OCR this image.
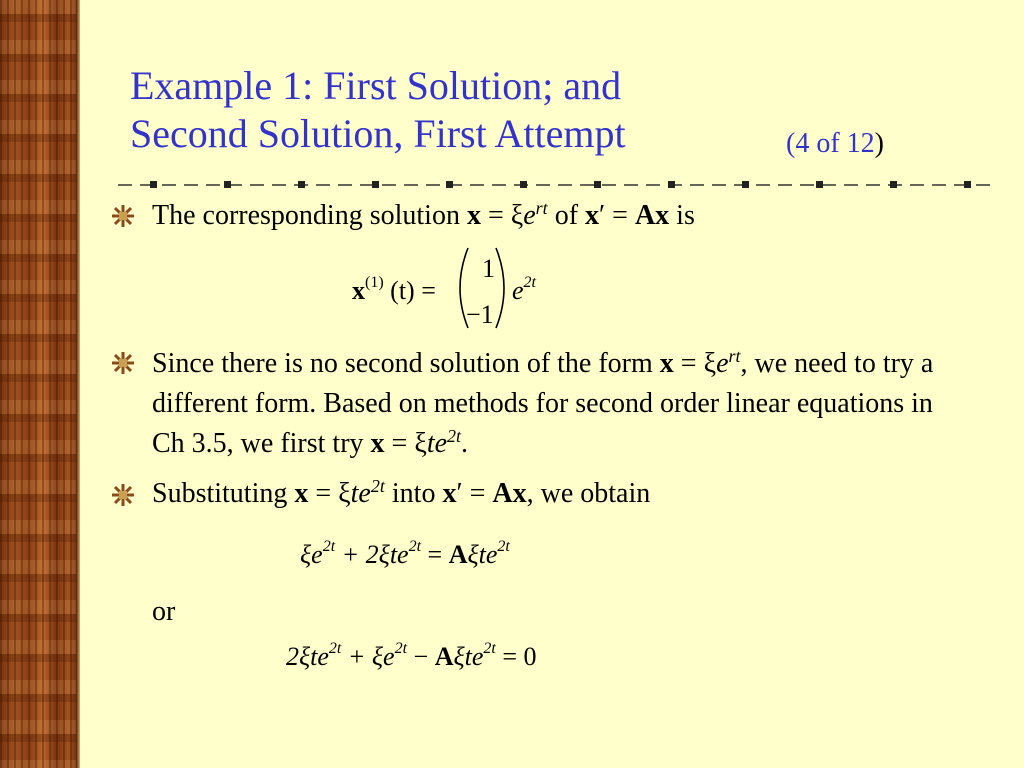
Example 1: First Solution; and
Second Solution, First Attempt	(4 of 12)
The corresponding solution $x = \xi e^{rt}$ of x′ = Ax is
$x^{(1)}$ (t) =
1
−1
$e^{2t}$
Since there is no second solution of the form $x = \xi e^{rt}$, we need to try a different form. Based on methods for second order linear equations in Ch 3.5, we first try x = ξte$^{2t}$.
Substituting x = ξte$^{2t}$ into x′ = Ax, we obtain
$\xi e^{2t} + 2\xi te^{2t} = A\xi te^{2t}$
or
$2\xi te^{2t} + \xi e^{2t} - A\xi te^{2t} = 0$
